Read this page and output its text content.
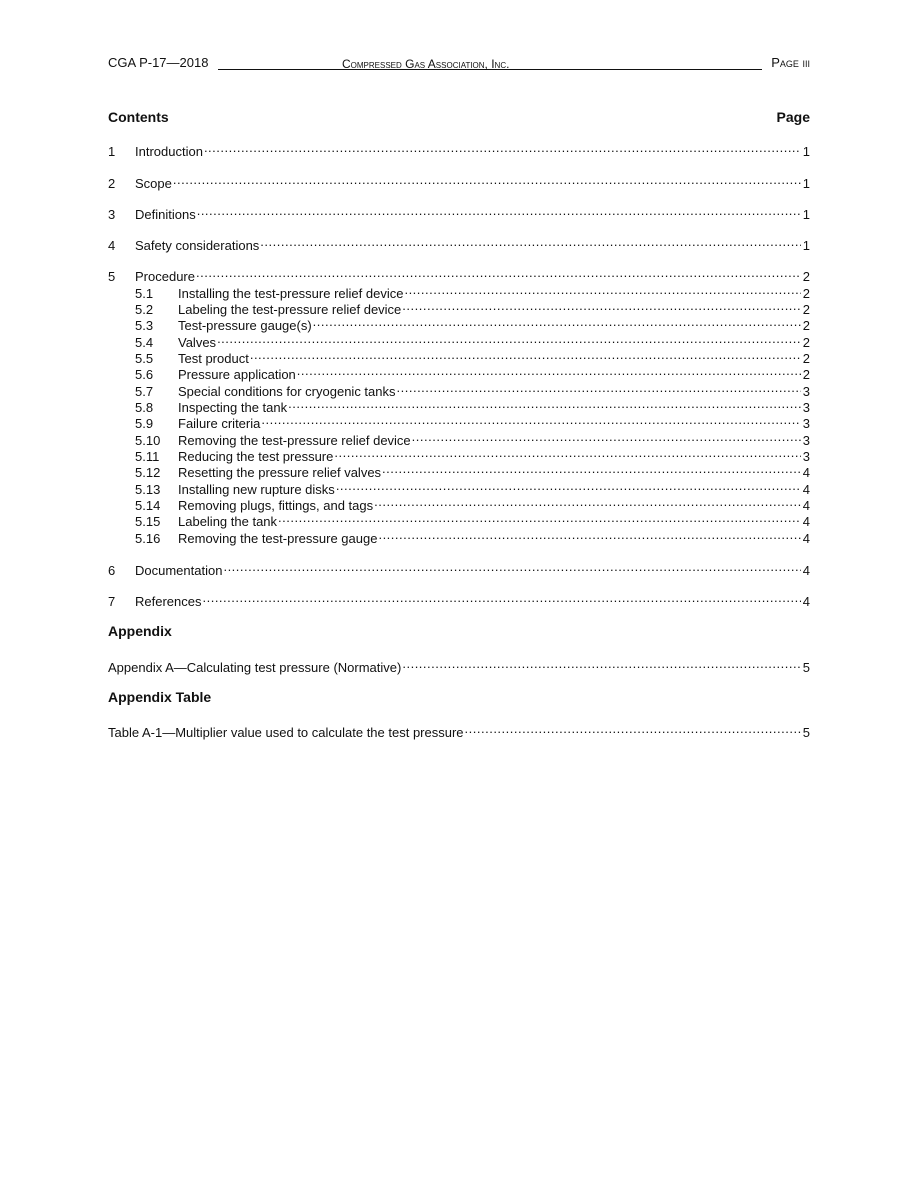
CGA P-17—2018	Compressed Gas Association, Inc.	Page iii
Contents	Page
1	Introduction .....	1
2	Scope .....	1
3	Definitions .....	1
4	Safety considerations .....	1
5	Procedure .....	2
5.1	Installing the test-pressure relief device .....	2
5.2	Labeling the test-pressure relief device .....	2
5.3	Test-pressure gauge(s) .....	2
5.4	Valves .....	2
5.5	Test product .....	2
5.6	Pressure application .....	2
5.7	Special conditions for cryogenic tanks .....	3
5.8	Inspecting the tank .....	3
5.9	Failure criteria .....	3
5.10	Removing the test-pressure relief device .....	3
5.11	Reducing the test pressure .....	3
5.12	Resetting the pressure relief valves .....	4
5.13	Installing new rupture disks .....	4
5.14	Removing plugs, fittings, and tags .....	4
5.15	Labeling the tank .....	4
5.16	Removing the test-pressure gauge .....	4
6	Documentation .....	4
7	References .....	4
Appendix
Appendix A—Calculating test pressure (Normative) .....	5
Appendix Table
Table A-1—Multiplier value used to calculate the test pressure .....	5
